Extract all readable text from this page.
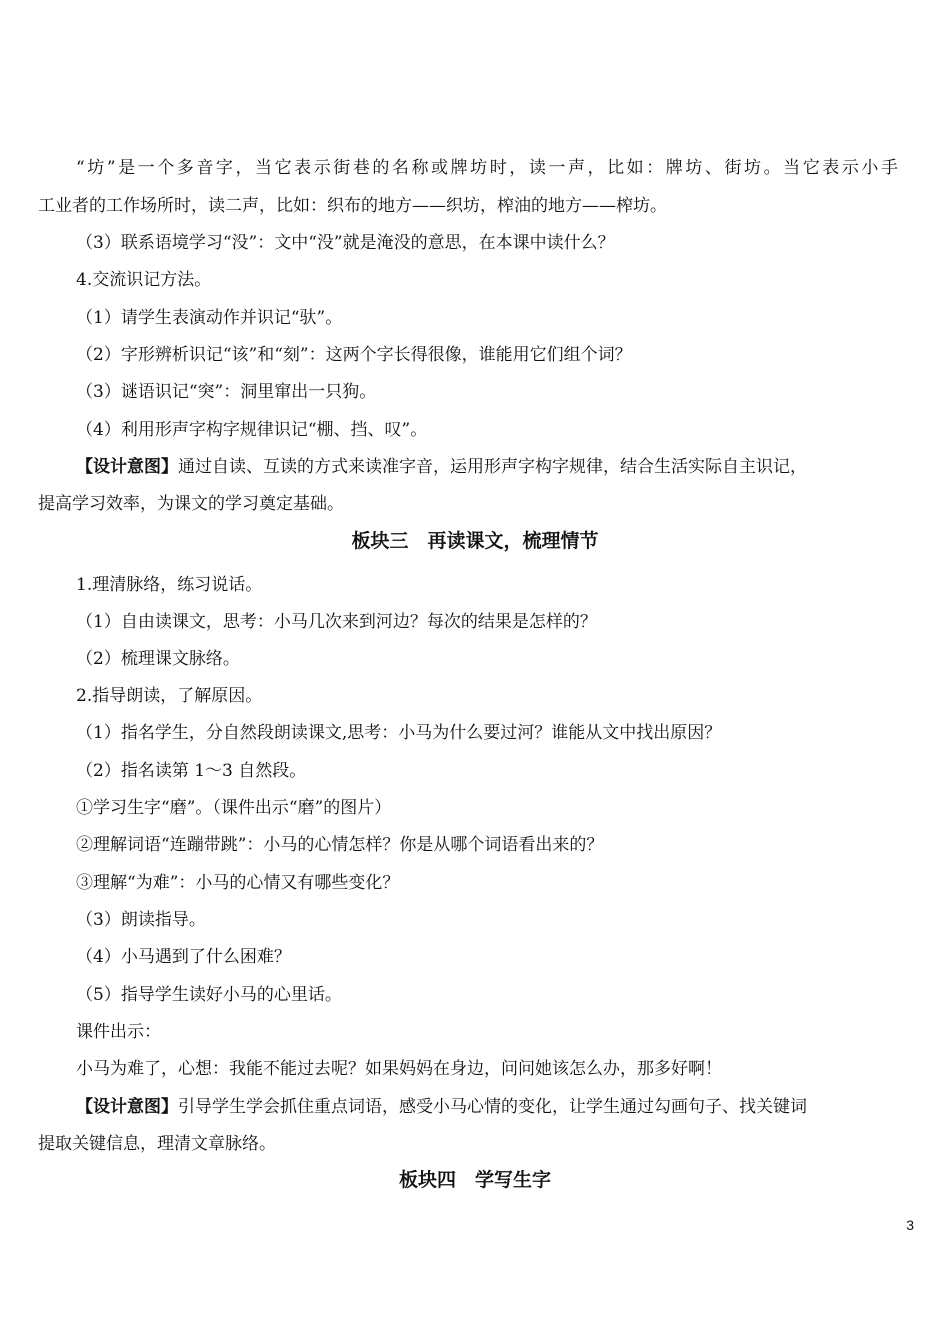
“坊”是一个多音字，当它表示街巷的名称或牌坊时，读一声，比如：牌坊、街坊。当它表示小手
工业者的工作场所时，读二声，比如：织布的地方——织坊，榨油的地方——榨坊。
（3）联系语境学习“没”：文中“没”就是淹没的意思，在本课中读什么？
4.交流识记方法。
（1）请学生表演动作并识记“驮”。
（2）字形辨析识记“该”和“刻”：这两个字长得很像，谁能用它们组个词？
（3）谜语识记“突”：洞里窜出一只狗。
（4）利用形声字构字规律识记“棚、挡、叹”。
【设计意图】通过自读、互读的方式来读准字音，运用形声字构字规律，结合生活实际自主识记，
提高学习效率，为课文的学习奠定基础。
板块三　再读课文，梳理情节
1.理清脉络，练习说话。
（1）自由读课文，思考：小马几次来到河边？每次的结果是怎样的？
（2）梳理课文脉络。
2.指导朗读，了解原因。
（1）指名学生，分自然段朗读课文,思考：小马为什么要过河？谁能从文中找出原因？
（2）指名读第 1～3 自然段。
①学习生字“磨”。（课件出示“磨”的图片）
②理解词语“连蹦带跳”：小马的心情怎样？你是从哪个词语看出来的？
③理解“为难”：小马的心情又有哪些变化？
（3）朗读指导。
（4）小马遇到了什么困难？
（5）指导学生读好小马的心里话。
课件出示：
小马为难了，心想：我能不能过去呢？如果妈妈在身边，问问她该怎么办，那多好啊！
【设计意图】引导学生学会抓住重点词语，感受小马心情的变化，让学生通过勾画句子、找关键词
提取关键信息，理清文章脉络。
板块四　学写生字
3
